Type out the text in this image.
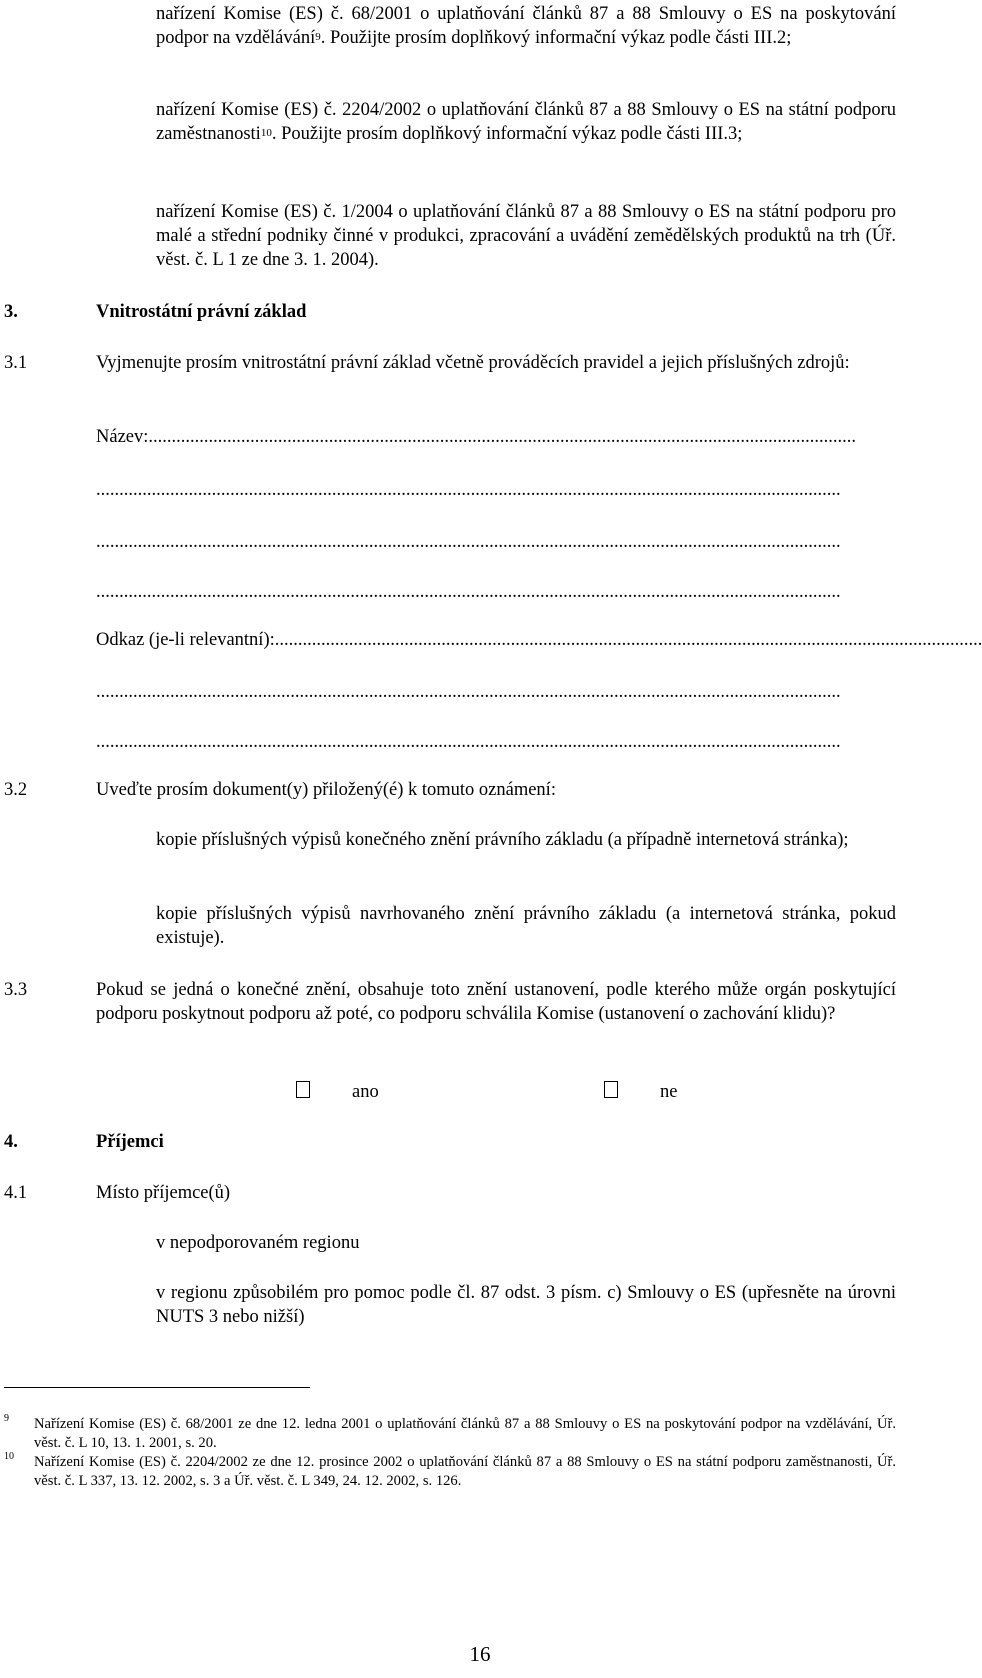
nařízení Komise (ES) č. 68/2001 o uplatňování článků 87 a 88 Smlouvy o ES na poskytování podpor na vzdělávání$^9$. Použijte prosím doplňkový informační výkaz podle části III.2;
nařízení Komise (ES) č. 2204/2002 o uplatňování článků 87 a 88 Smlouvy o ES na státní podporu zaměstnanosti$^{10}$. Použijte prosím doplňkový informační výkaz podle části III.3;
nařízení Komise (ES) č. 1/2004 o uplatňování článků 87 a 88 Smlouvy o ES na státní podporu pro malé a střední podniky činné v produkci, zpracování a uvádění zemědělských produktů na trh (Úř. věst. č. L 1 ze dne 3. 1. 2004).
3.	Vnitrostátní právní základ
3.1	Vyjmenujte prosím vnitrostátní právní základ včetně prováděcích pravidel a jejich příslušných zdrojů:
Název:.........................................................................................................................................................
.................................................................................................................................................................
.................................................................................................................................................................
.................................................................................................................................................................
Odkaz (je-li relevantní):.........................................................................................................................................................
.................................................................................................................................................................
.................................................................................................................................................................
3.2	Uveďte prosím dokument(y) přiložený(é) k tomuto oznámení:
kopie příslušných výpisů konečného znění právního základu (a případně internetová stránka);
kopie příslušných výpisů navrhovaného znění právního základu (a internetová stránka, pokud existuje).
3.3	Pokud se jedná o konečné znění, obsahuje toto znění ustanovení, podle kterého může orgán poskytující podporu poskytnout podporu až poté, co podporu schválila Komise (ustanovení o zachování klidu)?
ano	ne
4.	Příjemci
4.1	Místo příjemce(ů)
v nepodporovaném regionu
v regionu způsobilém pro pomoc podle čl. 87 odst. 3 písm. c) Smlouvy o ES (upřesněte na úrovni NUTS 3 nebo nižší)
9 Nařízení Komise (ES) č. 68/2001 ze dne 12. ledna 2001 o uplatňování článků 87 a 88 Smlouvy o ES na poskytování podpor na vzdělávání, Úř. věst. č. L 10, 13. 1. 2001, s. 20.
10 Nařízení Komise (ES) č. 2204/2002 ze dne 12. prosince 2002 o uplatňování článků 87 a 88 Smlouvy o ES na státní podporu zaměstnanosti, Úř. věst. č. L 337, 13. 12. 2002, s. 3 a Úř. věst. č. L 349, 24. 12. 2002, s. 126.
16
